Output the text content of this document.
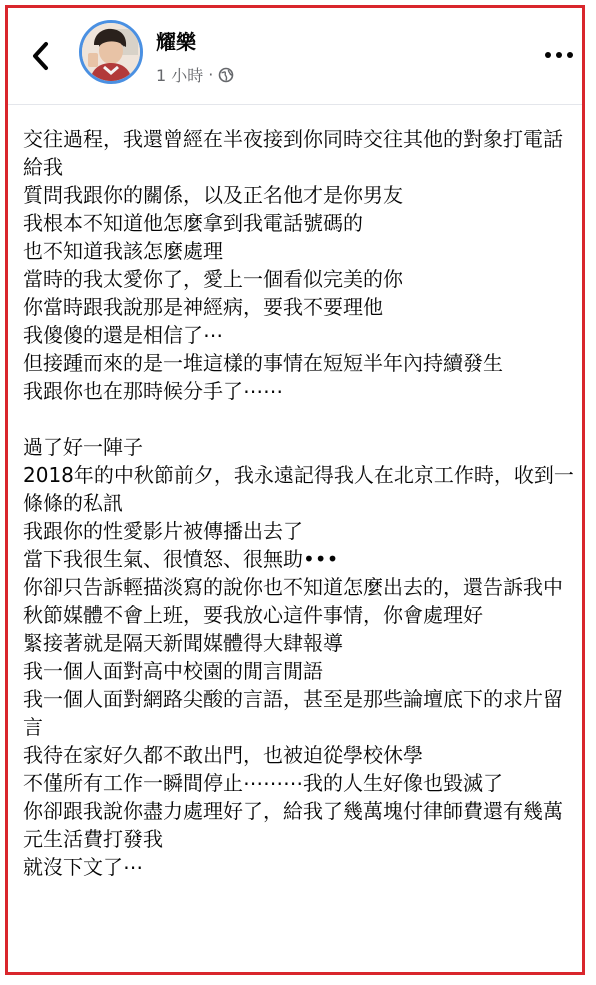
耀樂
1 小時 ·

交往過程，我還曾經在半夜接到你同時交往其他的對象打電話給我

質問我跟你的關係，以及正名他才是你男友

我根本不知道他怎麼拿到我電話號碼的

也不知道我該怎麼處理

當時的我太愛你了，愛上一個看似完美的你

你當時跟我說那是神經病，要我不要理他

我傻傻的還是相信了⋯

但接踵而來的是一堆這樣的事情在短短半年內持續發生

我跟你也在那時候分手了⋯⋯

過了好一陣子

2018年的中秋節前夕，我永遠記得我人在北京工作時，收到一條條的私訊

我跟你的性愛影片被傳播出去了

當下我很生氣、很憤怒、很無助•••

你卻只告訴輕描淡寫的說你也不知道怎麼出去的，還告訴我中秋節媒體不會上班，要我放心這件事情，你會處理好

緊接著就是隔天新聞媒體得大肆報導

我一個人面對高中校園的閒言閒語

我一個人面對網路尖酸的言語，甚至是那些論壇底下的求片留言

我待在家好久都不敢出門，也被迫從學校休學

不僅所有工作一瞬間停止⋯⋯⋯我的人生好像也毀滅了

你卻跟我說你盡力處理好了，給我了幾萬塊付律師費還有幾萬元生活費打發我

就沒下文了⋯
